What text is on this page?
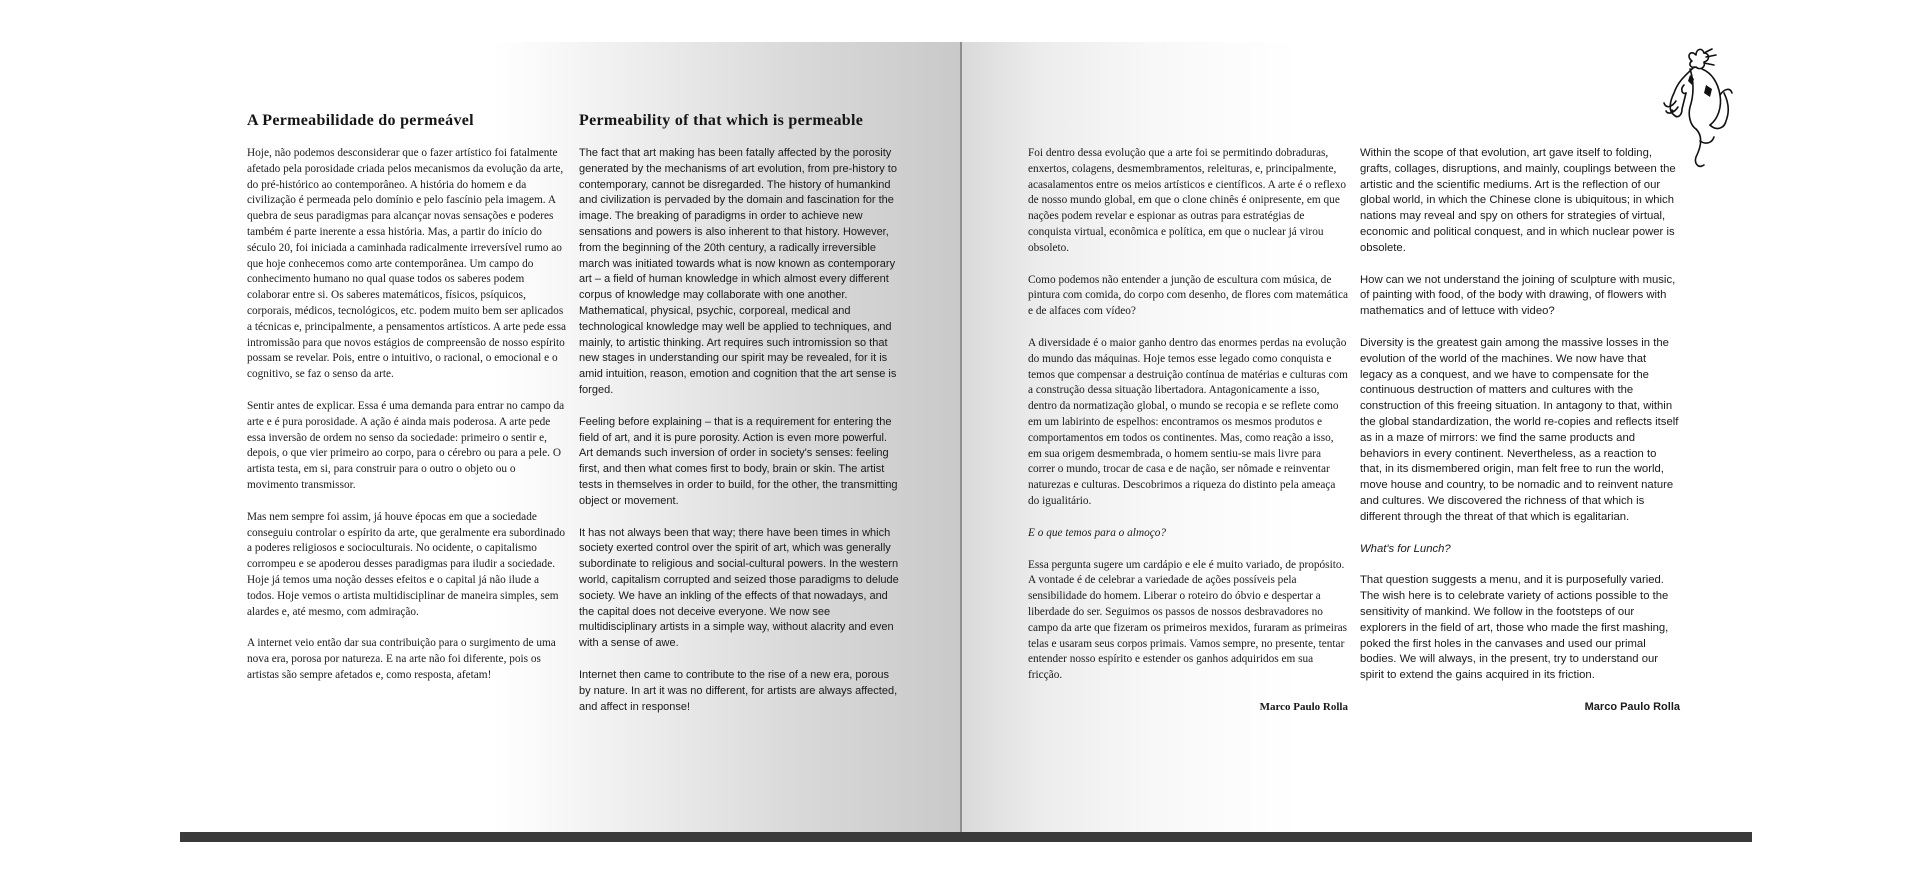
A Permeabilidade do permeável	Permeability of that which is permeable

Hoje, não podemos desconsiderar que o fazer artístico foi fatalmente afetado pela porosidade criada pelos mecanismos da evolução da arte, do pré-histórico ao contemporâneo. A história do homem e da civilização é permeada pelo domínio e pelo fascínio pela imagem. A quebra de seus paradigmas para alcançar novas sensações e poderes também é parte inerente a essa história. Mas, a partir do início do século 20, foi iniciada a caminhada radicalmente irreversível rumo ao que hoje conhecemos como arte contemporânea. Um campo do conhecimento humano no qual quase todos os saberes podem colaborar entre si. Os saberes matemáticos, físicos, psíquicos, corporais, médicos, tecnológicos, etc. podem muito bem ser aplicados a técnicas e, principalmente, a pensamentos artísticos. A arte pede essa intromissão para que novos estágios de compreensão de nosso espírito possam se revelar. Pois, entre o intuitivo, o racional, o emocional e o cognitivo, se faz o senso da arte.

Sentir antes de explicar. Essa é uma demanda para entrar no campo da arte e é pura porosidade. A ação é ainda mais poderosa. A arte pede essa inversão de ordem no senso da sociedade: primeiro o sentir e, depois, o que vier primeiro ao corpo, para o cérebro ou para a pele. O artista testa, em si, para construir para o outro o objeto ou o movimento transmissor.

Mas nem sempre foi assim, já houve épocas em que a sociedade conseguiu controlar o espírito da arte, que geralmente era subordinado a poderes religiosos e socioculturais. No ocidente, o capitalismo corrompeu e se apoderou desses paradigmas para iludir a sociedade. Hoje já temos uma noção desses efeitos e o capital já não ilude a todos. Hoje vemos o artista multidisciplinar de maneira simples, sem alardes e, até mesmo, com admiração.

A internet veio então dar sua contribuição para o surgimento de uma nova era, porosa por natureza. E na arte não foi diferente, pois os artistas são sempre afetados e, como resposta, afetam!

The fact that art making has been fatally affected by the porosity generated by the mechanisms of art evolution, from pre-history to contemporary, cannot be disregarded. The history of humankind and civilization is pervaded by the domain and fascination for the image. The breaking of paradigms in order to achieve new sensations and powers is also inherent to that history. However, from the beginning of the 20th century, a radically irreversible march was initiated towards what is now known as contemporary art – a field of human knowledge in which almost every different corpus of knowledge may collaborate with one another. Mathematical, physical, psychic, corporeal, medical and technological knowledge may well be applied to techniques, and mainly, to artistic thinking. Art requires such intromission so that new stages in understanding our spirit may be revealed, for it is amid intuition, reason, emotion and cognition that the art sense is forged.

Feeling before explaining – that is a requirement for entering the field of art, and it is pure porosity. Action is even more powerful. Art demands such inversion of order in society's senses: feeling first, and then what comes first to body, brain or skin. The artist tests in themselves in order to build, for the other, the transmitting object or movement.

It has not always been that way; there have been times in which society exerted control over the spirit of art, which was generally subordinate to religious and social-cultural powers. In the western world, capitalism corrupted and seized those paradigms to delude society. We have an inkling of the effects of that nowadays, and the capital does not deceive everyone. We now see multidisciplinary artists in a simple way, without alacrity and even with a sense of awe.

Internet then came to contribute to the rise of a new era, porous by nature. In art it was no different, for artists are always affected, and affect in response!

Foi dentro dessa evolução que a arte foi se permitindo dobraduras, enxertos, colagens, desmembramentos, releituras, e, principalmente, acasalamentos entre os meios artísticos e científicos. A arte é o reflexo de nosso mundo global, em que o clone chinês é onipresente, em que nações podem revelar e espionar as outras para estratégias de conquista virtual, econômica e política, em que o nuclear já virou obsoleto.

Como podemos não entender a junção de escultura com música, de pintura com comida, do corpo com desenho, de flores com matemática e de alfaces com vídeo?

A diversidade é o maior ganho dentro das enormes perdas na evolução do mundo das máquinas. Hoje temos esse legado como conquista e temos que compensar a destruição contínua de matérias e culturas com a construção dessa situação libertadora. Antagonicamente a isso, dentro da normatização global, o mundo se recopia e se reflete como em um labirinto de espelhos: encontramos os mesmos produtos e comportamentos em todos os continentes. Mas, como reação a isso, em sua origem desmembrada, o homem sentiu-se mais livre para correr o mundo, trocar de casa e de nação, ser nômade e reinventar naturezas e culturas. Descobrimos a riqueza do distinto pela ameaça do igualitário.

E o que temos para o almoço?

Essa pergunta sugere um cardápio e ele é muito variado, de propósito. A vontade é de celebrar a variedade de ações possíveis pela sensibilidade do homem. Liberar o roteiro do óbvio e despertar a liberdade do ser. Seguimos os passos de nossos desbravadores no campo da arte que fizeram os primeiros mexidos, furaram as primeiras telas e usaram seus corpos primais. Vamos sempre, no presente, tentar entender nosso espírito e estender os ganhos adquiridos em sua fricção.

Marco Paulo Rolla

Within the scope of that evolution, art gave itself to folding, grafts, collages, disruptions, and mainly, couplings between the artistic and the scientific mediums. Art is the reflection of our global world, in which the Chinese clone is ubiquitous; in which nations may reveal and spy on others for strategies of virtual, economic and political conquest, and in which nuclear power is obsolete.

How can we not understand the joining of sculpture with music, of painting with food, of the body with drawing, of flowers with mathematics and of lettuce with video?

Diversity is the greatest gain among the massive losses in the evolution of the world of the machines. We now have that legacy as a conquest, and we have to compensate for the continuous destruction of matters and cultures with the construction of this freeing situation. In antagony to that, within the global standardization, the world re-copies and reflects itself as in a maze of mirrors: we find the same products and behaviors in every continent. Nevertheless, as a reaction to that, in its dismembered origin, man felt free to run the world, move house and country, to be nomadic and to reinvent nature and cultures. We discovered the richness of that which is different through the threat of that which is egalitarian.

What's for Lunch?

That question suggests a menu, and it is purposefully varied. The wish here is to celebrate variety of actions possible to the sensitivity of mankind. We follow in the footsteps of our explorers in the field of art, those who made the first mashing, poked the first holes in the canvases and used our primal bodies. We will always, in the present, try to understand our spirit to extend the gains acquired in its friction.

Marco Paulo Rolla
